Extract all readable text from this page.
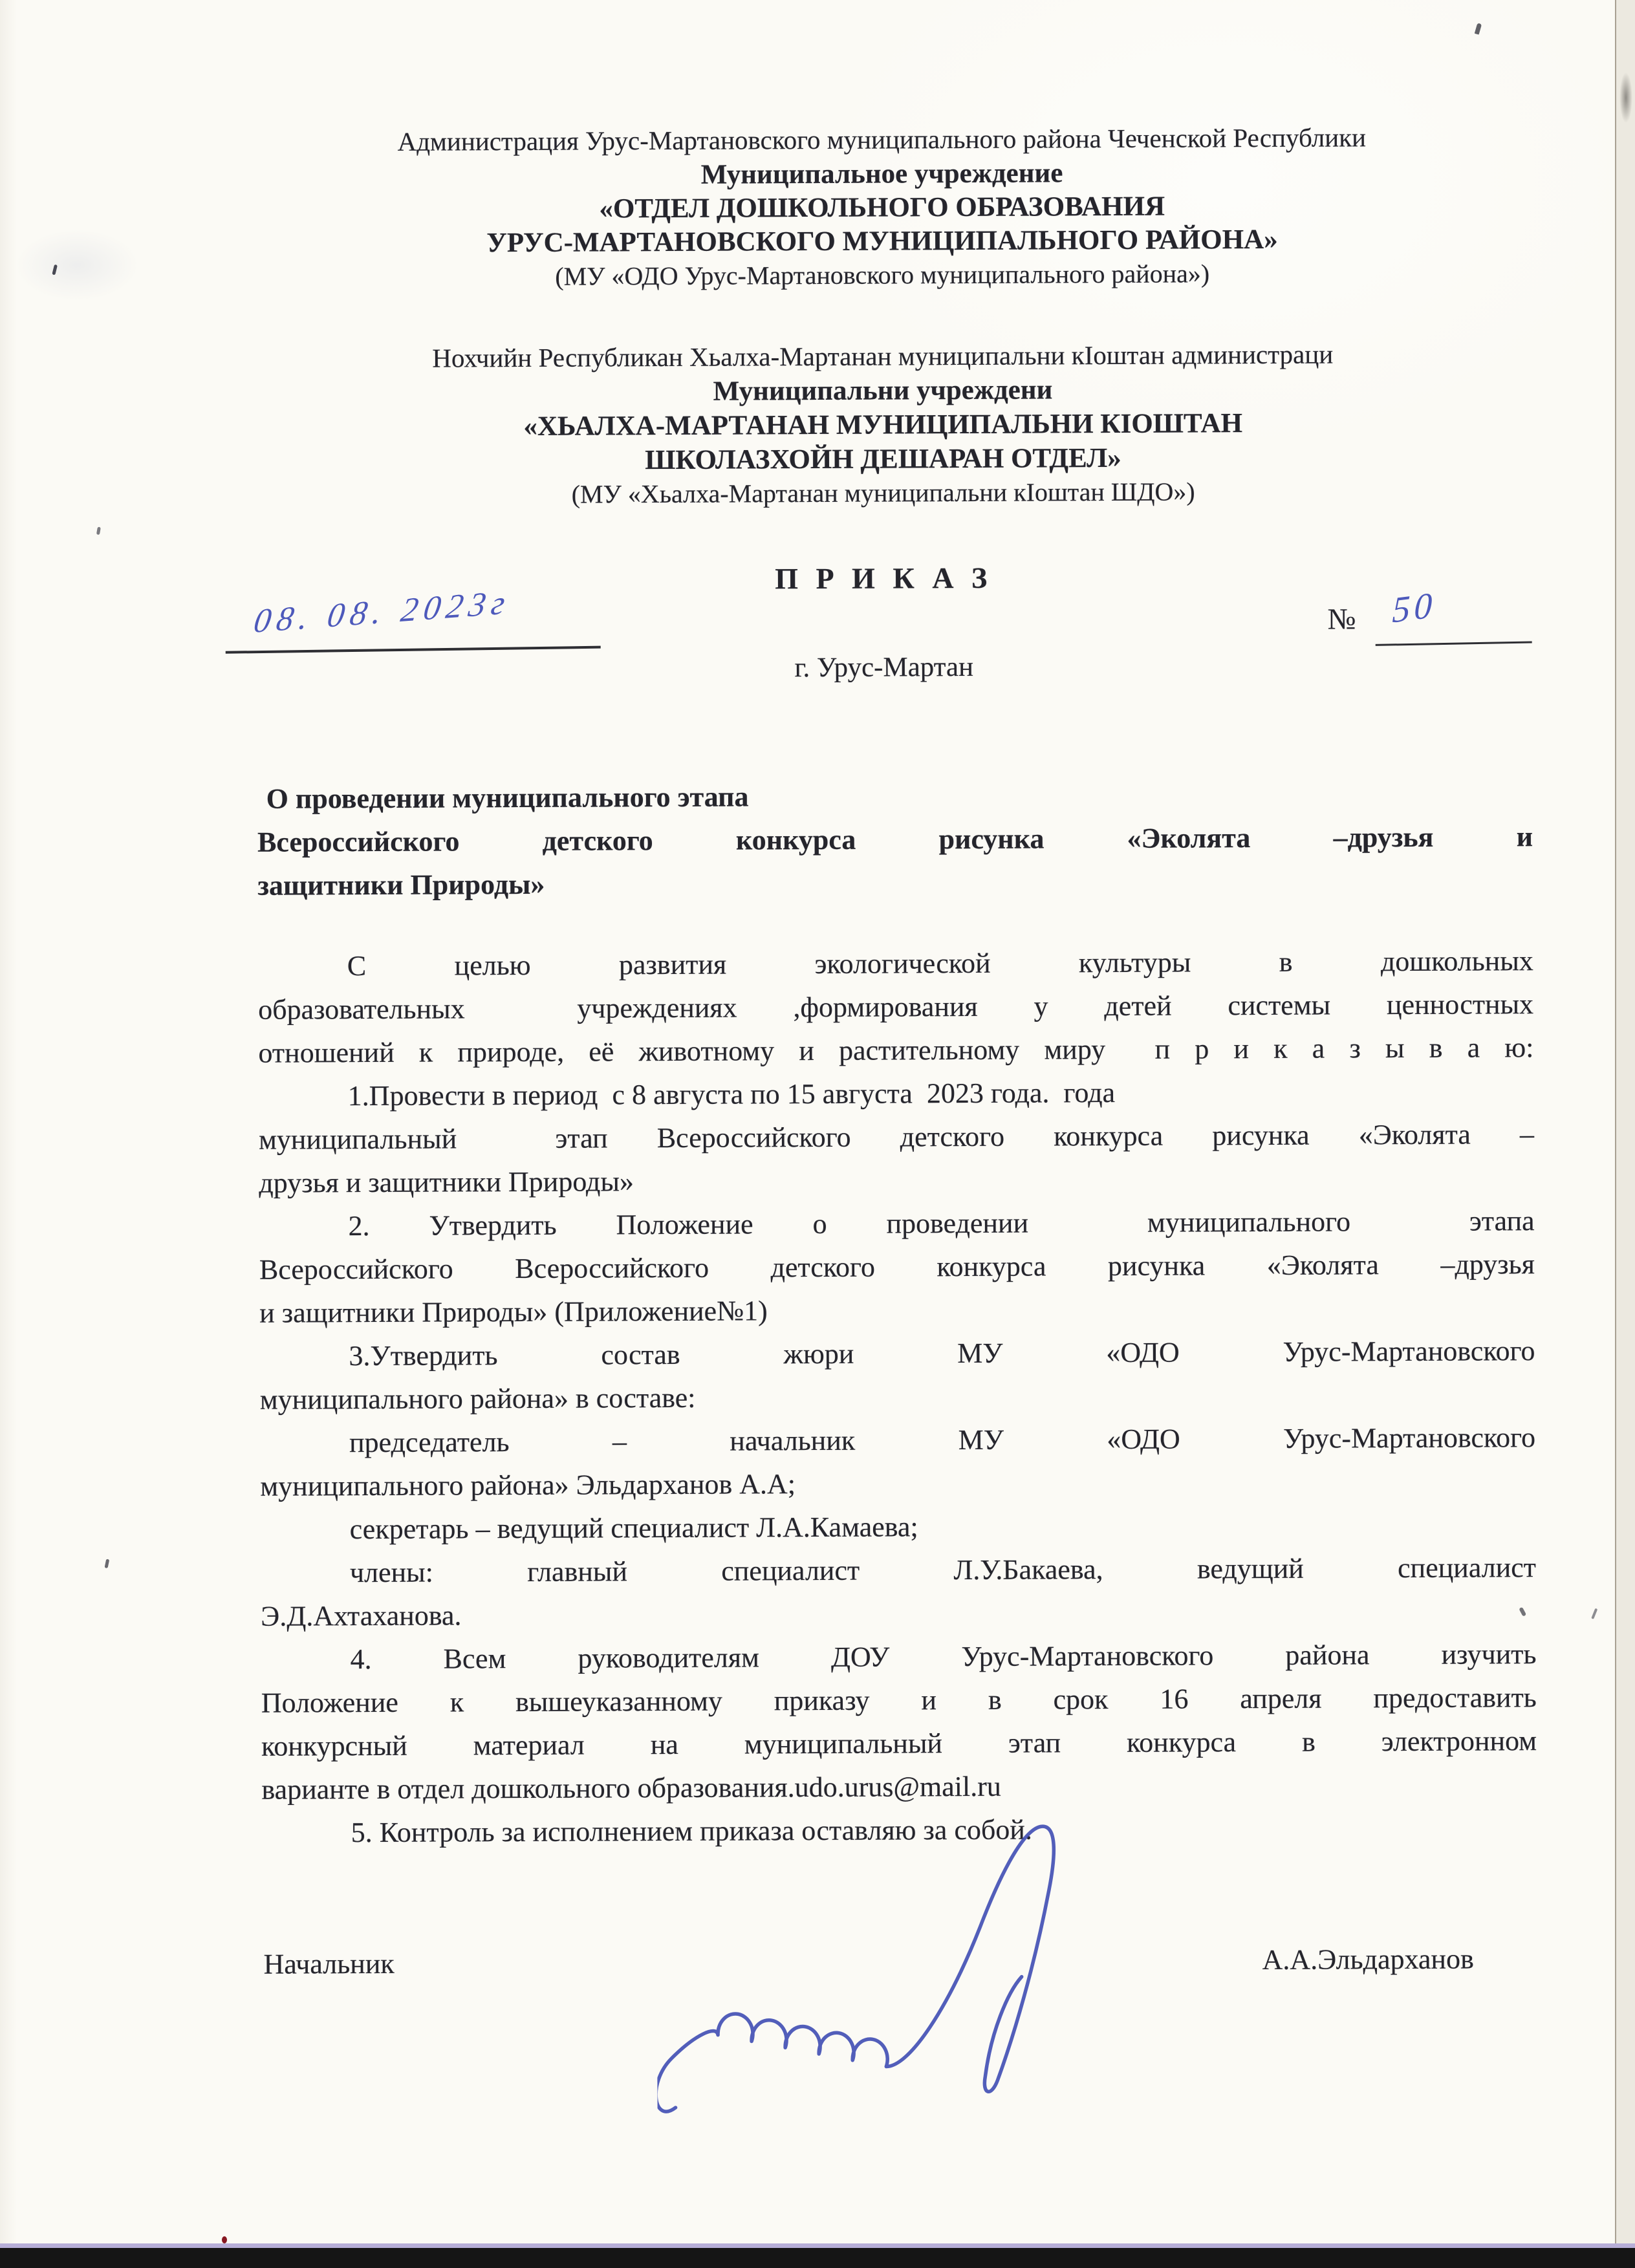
Администрация Урус-Мартановского муниципального района Чеченской Республики
Муниципальное учреждение
«ОТДЕЛ ДОШКОЛЬНОГО ОБРАЗОВАНИЯ
УРУС-МАРТАНОВСКОГО МУНИЦИПАЛЬНОГО РАЙОНА»
(МУ «ОДО Урус-Мартановского муниципального района»)
Нохчийн Республикан Хьалха-Мартанан муниципальни кIоштан администраци
Муниципальни учреждени
«ХЬАЛХА-МАРТАНАН МУНИЦИПАЛЬНИ КIОШТАН
ШКОЛАЗХОЙН ДЕШАРАН ОТДЕЛ»
(МУ «Хьалха-Мартанан муниципальни кIоштан ШДО»)
П Р И К А З
08. 08. 2023г	№ 50
г. Урус-Мартан
О проведении муниципального этапа
Всероссийского детского конкурса рисунка «Эколята –друзья и
защитники Природы»
С целью развития экологической культуры в дошкольных
образовательных  учреждениях ,формирования у детей системы ценностных
отношений к природе, её животному и растительному миру  п р и к а з ы в а ю:
1.Провести в период  с 8 августа по 15 августа  2023 года.  года
муниципальный  этап Всероссийского детского конкурса рисунка «Эколята –
друзья и защитники Природы»
2. Утвердить Положение о проведении  муниципального  этапа
Всероссийского Всероссийского детского конкурса рисунка «Эколята –друзья
и защитники Природы» (Приложение№1)
3.Утвердить состав жюри МУ «ОДО Урус-Мартановского
муниципального района» в составе:
председатель – начальник МУ «ОДО Урус-Мартановского
муниципального района» Эльдарханов А.А;
секретарь – ведущий специалист Л.А.Камаева;
члены: главный специалист Л.У.Бакаева, ведущий специалист
Э.Д.Ахтаханова.
4. Всем руководителям ДОУ Урус-Мартановского района изучить
Положение к вышеуказанному приказу и в срок 16 апреля предоставить
конкурсный материал на муниципальный этап конкурса в электронном
варианте в отдел дошкольного образования.udo.urus@mail.ru
5. Контроль за исполнением приказа оставляю за собой.
Начальник	А.А.Эльдарханов
